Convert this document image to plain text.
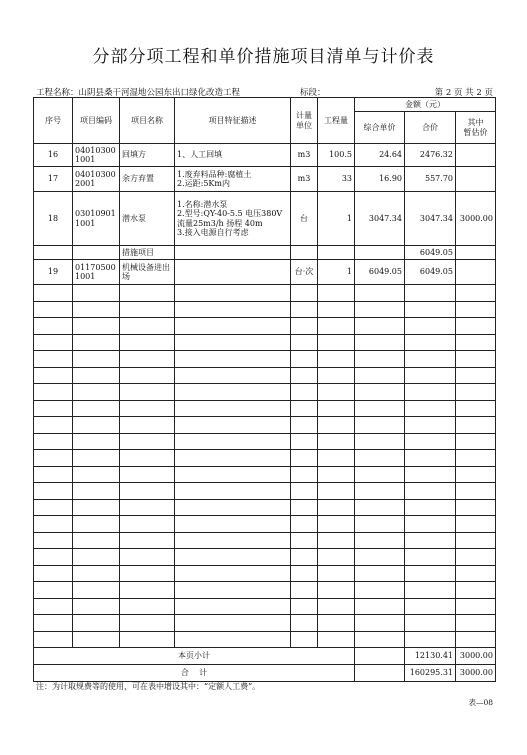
分部分项工程和单价措施项目清单与计价表
工程名称：山阴县桑干河湿地公园东出口绿化改造工程	标段：	第 2 页 共 2 页
序号	项目编码	项目名称	项目特征描述	计量
单位	工程量	金额（元）		
						综合单价	合价	其中
暂估价
16	040103001001	回填方	1、人工回填	m3	100.5	24.64	2476.32	
17	040103002001	余方弃置	1.废弃料品种:腐植土
2.运距:5Km内	m3	33	16.90	557.70	
18	030109011001	潜水泵	1.名称:潜水泵
2.型号:QY-40-5.5 电压380V 流量25m3/h 扬程 40m
3.接入电源自行考虑	台	1	3047.34	3047.34	3000.00
		措施项目					6049.05	
19	011705001001	机械设备进出场		台·次	1	6049.05	6049.05	

本页小计							12130.41	3000.00
合    计							160295.31	3000.00
注：为计取规费等的使用，可在表中增设其中：“定额人工费”。
表—08
